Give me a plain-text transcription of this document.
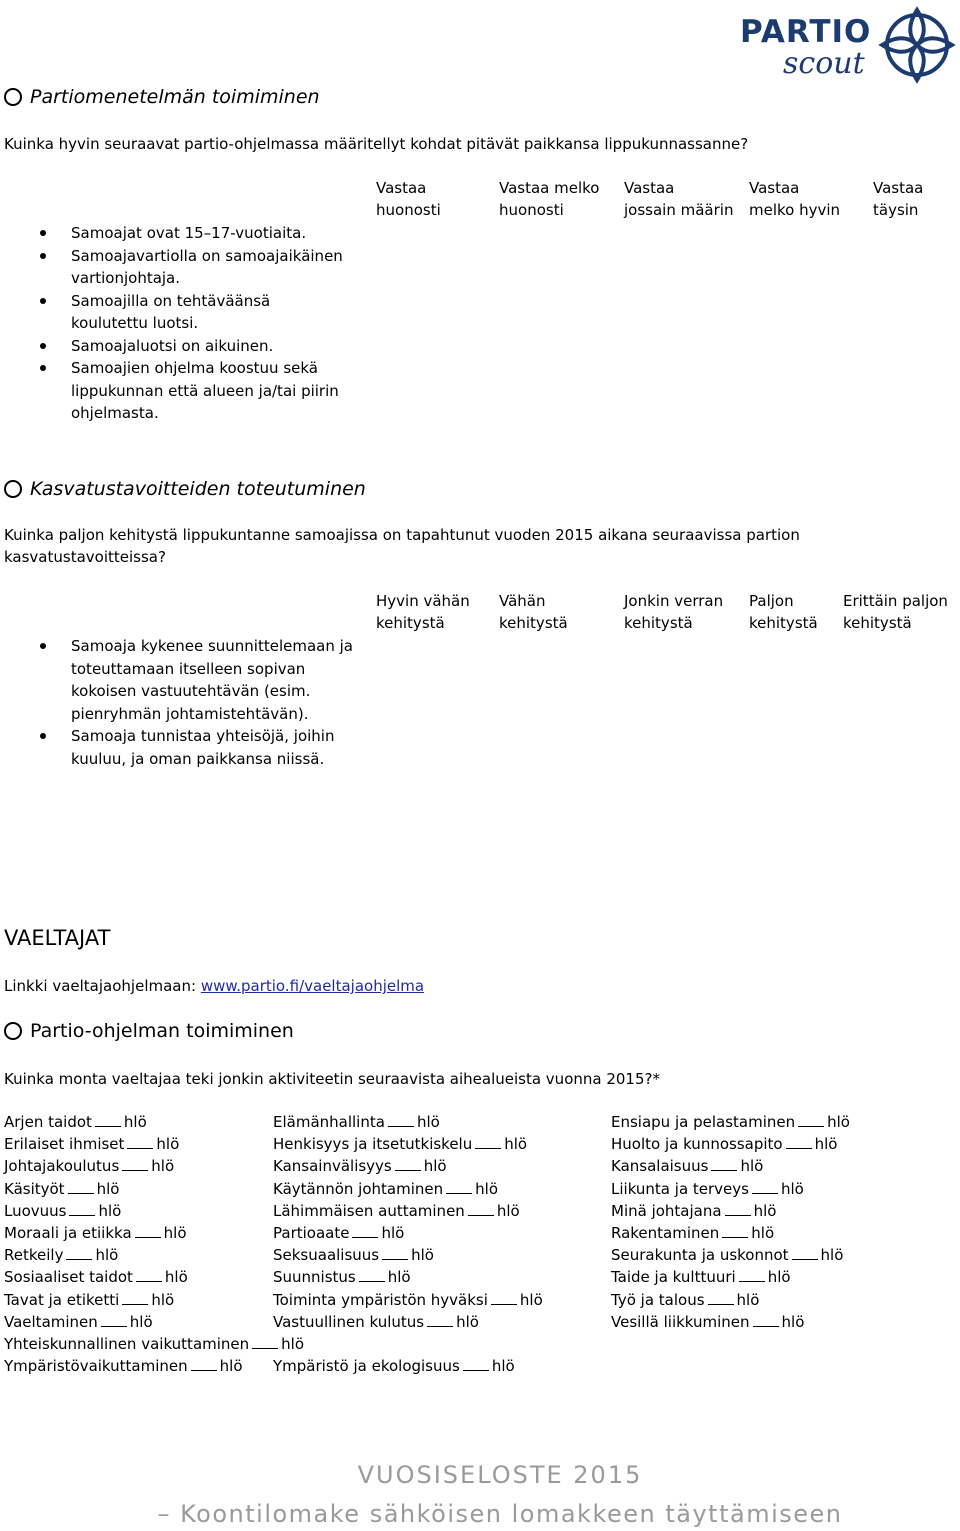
PARTIO
scout
Partiomenetelmän toimiminen
Kuinka hyvin seuraavat partio-ohjelmassa määritellyt kohdat pitävät paikkansa lippukunnassanne?
Vastaa
huonosti
Vastaa melko
huonosti
Vastaa
jossain määrin
Vastaa
melko hyvin
Vastaa
täysin
Samoajat ovat 15–17-vuotiaita.
Samoajavartiolla on samoajaikäinen vartionjohtaja.
Samoajilla on tehtäväänsä koulutettu luotsi.
Samoajaluotsi on aikuinen.
Samoajien ohjelma koostuu sekä lippukunnan että alueen ja/tai piirin ohjelmasta.
Kasvatustavoitteiden toteutuminen
Kuinka paljon kehitystä lippukuntanne samoajissa on tapahtunut vuoden 2015 aikana seuraavissa partion kasvatustavoitteissa?
Hyvin vähän
kehitystä
Vähän
kehitystä
Jonkin verran
kehitystä
Paljon
kehitystä
Erittäin paljon
kehitystä
Samoaja kykenee suunnittelemaan ja toteuttamaan itselleen sopivan kokoisen vastuutehtävän (esim. pienryhmän johtamistehtävän).
Samoaja tunnistaa yhteisöjä, joihin kuuluu, ja oman paikkansa niissä.
VAELTAJAT
Linkki vaeltajaohjelmaan: www.partio.fi/vaeltajaohjelma
Partio-ohjelman toimiminen
Kuinka monta vaeltajaa teki jonkin aktiviteetin seuraavista aihealueista vuonna 2015?*
Arjen taidot hlö
Erilaiset ihmiset hlö
Johtajakoulutus hlö
Käsityöt hlö
Luovuus hlö
Moraali ja etiikka hlö
Retkeily hlö
Sosiaaliset taidot hlö
Tavat ja etiketti hlö
Vaeltaminen hlö
Yhteiskunnallinen vaikuttaminen hlö
Ympäristövaikuttaminen hlö
Elämänhallinta hlö
Henkisyys ja itsetutkiskelu hlö
Kansainvälisyys hlö
Käytännön johtaminen hlö
Lähimmäisen auttaminen hlö
Partioaate hlö
Seksuaalisuus hlö
Suunnistus hlö
Toiminta ympäristön hyväksi hlö
Vastuullinen kulutus hlö
Ympäristö ja ekologisuus hlö
Ensiapu ja pelastaminen hlö
Huolto ja kunnossapito hlö
Kansalaisuus hlö
Liikunta ja terveys hlö
Minä johtajana hlö
Rakentaminen hlö
Seurakunta ja uskonnot hlö
Taide ja kulttuuri hlö
Työ ja talous hlö
Vesillä liikkuminen hlö
VUOSISELOSTE 2015
– Koontilomake sähköisen lomakkeen täyttämiseen
